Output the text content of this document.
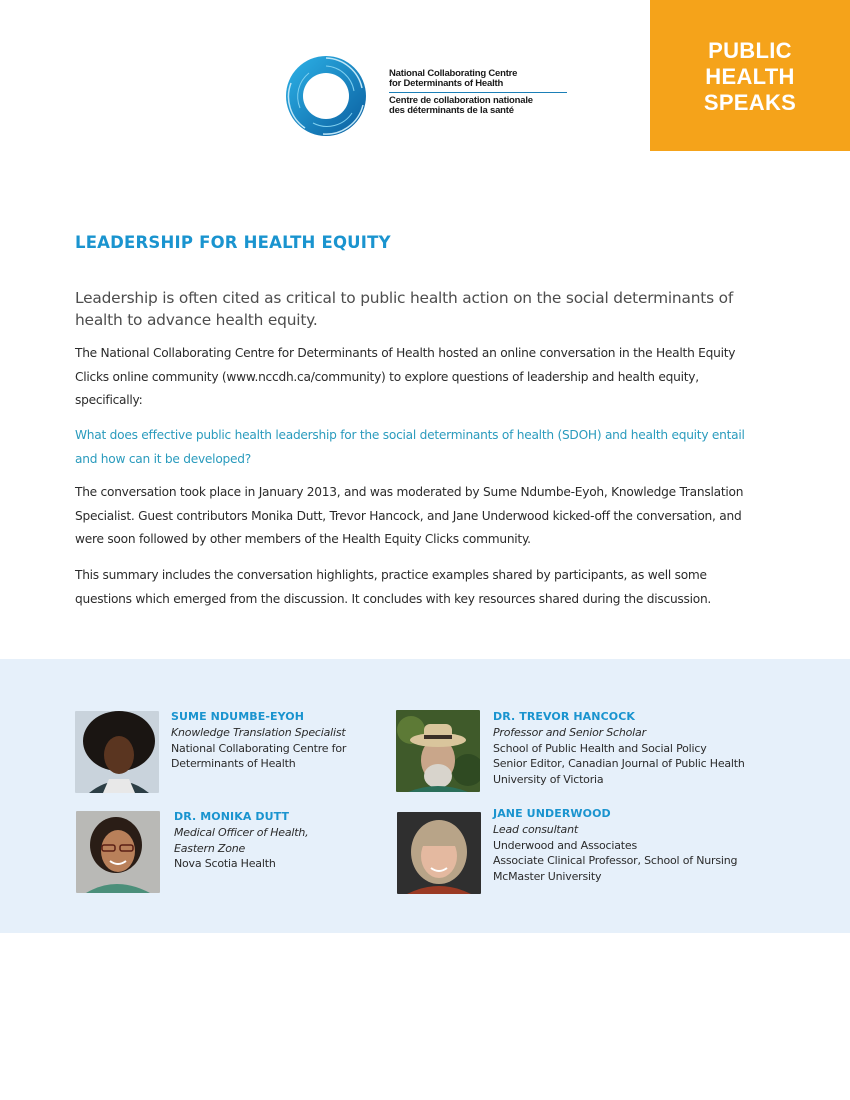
PUBLIC
HEALTH
SPEAKS
National Collaborating Centre
for Determinants of Health
Centre de collaboration nationale
des déterminants de la santé
LEADERSHIP FOR HEALTH EQUITY

Leadership is often cited as critical to public health action on the social determinants of health to advance health equity.

The National Collaborating Centre for Determinants of Health hosted an online conversation in the Health Equity Clicks online community (www.nccdh.ca/community) to explore questions of leadership and health equity, specifically:

What does effective public health leadership for the social determinants of health (SDOH) and health equity entail and how can it be developed?

The conversation took place in January 2013, and was moderated by Sume Ndumbe-Eyoh, Knowledge Translation Specialist. Guest contributors Monika Dutt, Trevor Hancock, and Jane Underwood kicked-off the conversation, and were soon followed by other members of the Health Equity Clicks community.

This summary includes the conversation highlights, practice examples shared by participants, as well some questions which emerged from the discussion. It concludes with key resources shared during the discussion.

SUME NDUMBE-EYOH
Knowledge Translation Specialist
National Collaborating Centre for
Determinants of Health
DR. TREVOR HANCOCK
Professor and Senior Scholar
School of Public Health and Social Policy
Senior Editor, Canadian Journal of Public Health
University of Victoria
DR. MONIKA DUTT
Medical Officer of Health,
Eastern Zone
Nova Scotia Health
JANE UNDERWOOD
Lead consultant
Underwood and Associates
Associate Clinical Professor, School of Nursing
McMaster University
